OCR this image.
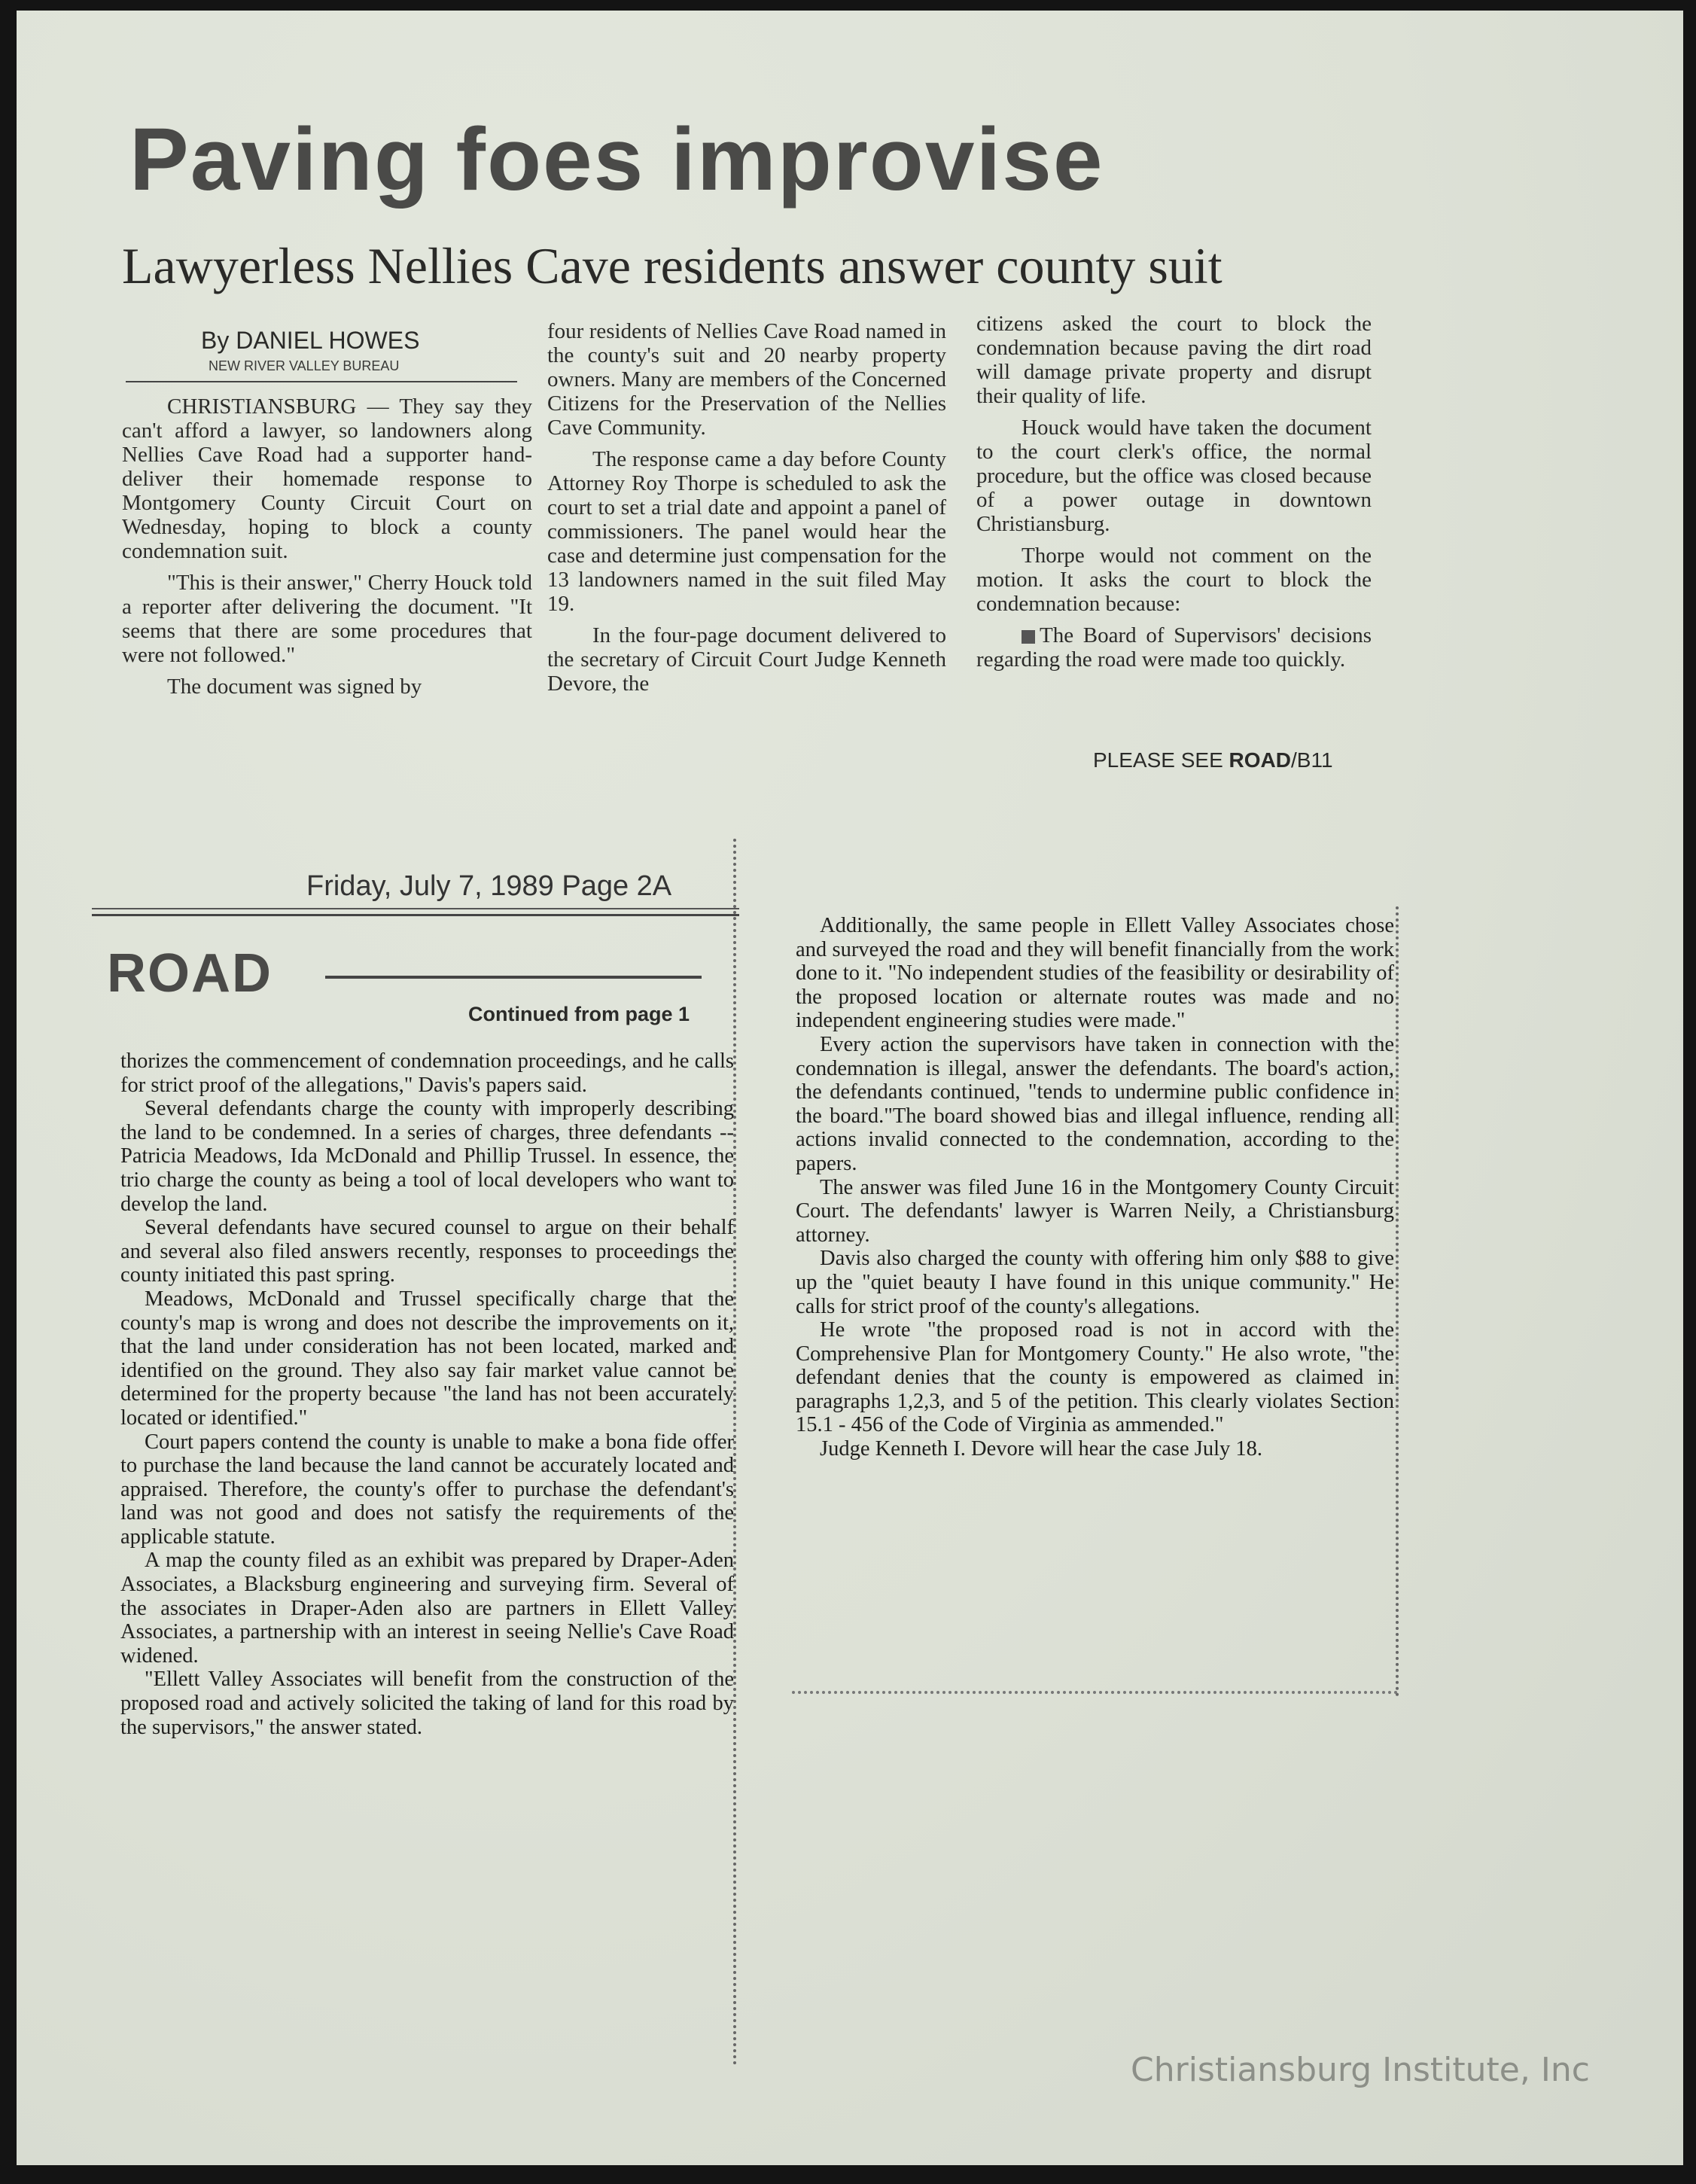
Paving foes improvise
Lawyerless Nellies Cave residents answer county suit
By DANIEL HOWES
NEW RIVER VALLEY BUREAU

CHRISTIANSBURG — They say they can't afford a lawyer, so landowners along Nellies Cave Road had a supporter hand-deliver their homemade response to Montgomery County Circuit Court on Wednesday, hoping to block a county condemnation suit.

"This is their answer," Cherry Houck told a reporter after delivering the document. "It seems that there are some procedures that were not followed."

The document was signed by

four residents of Nellies Cave Road named in the county's suit and 20 nearby property owners. Many are members of the Concerned Citizens for the Preservation of the Nellies Cave Community.

The response came a day before County Attorney Roy Thorpe is scheduled to ask the court to set a trial date and appoint a panel of commissioners. The panel would hear the case and determine just compensation for the 13 landowners named in the suit filed May 19.

In the four-page document delivered to the secretary of Circuit Court Judge Kenneth Devore, the

citizens asked the court to block the condemnation because paving the dirt road will damage private property and disrupt their quality of life.

Houck would have taken the document to the court clerk's office, the normal procedure, but the office was closed because of a power outage in downtown Christiansburg.

Thorpe would not comment on the motion. It asks the court to block the condemnation because:

The Board of Supervisors' decisions regarding the road were made too quickly.

PLEASE SEE ROAD/B11
Friday, July 7, 1989 Page 2A
ROAD
Continued from page 1

thorizes the commencement of condemnation proceedings, and he calls for strict proof of the allegations," Davis's papers said.

Several defendants charge the county with improperly describing the land to be condemned. In a series of charges, three defendants -- Patricia Meadows, Ida McDonald and Phillip Trussel. In essence, the trio charge the county as being a tool of local developers who want to develop the land.

Several defendants have secured counsel to argue on their behalf and several also filed answers recently, responses to proceedings the county initiated this past spring.

Meadows, McDonald and Trussel specifically charge that the county's map is wrong and does not describe the improvements on it, that the land under consideration has not been located, marked and identified on the ground. They also say fair market value cannot be determined for the property because "the land has not been accurately located or identified."

Court papers contend the county is unable to make a bona fide offer to purchase the land because the land cannot be accurately located and appraised. Therefore, the county's offer to purchase the defendant's land was not good and does not satisfy the requirements of the applicable statute.

A map the county filed as an exhibit was prepared by Draper-Aden Associates, a Blacksburg engineering and surveying firm. Several of the associates in Draper-Aden also are partners in Ellett Valley Associates, a partnership with an interest in seeing Nellie's Cave Road widened.

"Ellett Valley Associates will benefit from the construction of the proposed road and actively solicited the taking of land for this road by the supervisors," the answer stated.

Additionally, the same people in Ellett Valley Associates chose and surveyed the road and they will benefit financially from the work done to it. "No independent studies of the feasibility or desirability of the proposed location or alternate routes was made and no independent engineering studies were made."

Every action the supervisors have taken in connection with the condemnation is illegal, answer the defendants. The board's action, the defendants continued, "tends to undermine public confidence in the board."The board showed bias and illegal influence, rending all actions invalid connected to the condemnation, according to the papers.

The answer was filed June 16 in the Montgomery County Circuit Court. The defendants' lawyer is Warren Neily, a Christiansburg attorney.

Davis also charged the county with offering him only $88 to give up the "quiet beauty I have found in this unique community." He calls for strict proof of the county's allegations.

He wrote "the proposed road is not in accord with the Comprehensive Plan for Montgomery County." He also wrote, "the defendant denies that the county is empowered as claimed in paragraphs 1,2,3, and 5 of the petition. This clearly violates Section 15.1 - 456 of the Code of Virginia as ammended."

Judge Kenneth I. Devore will hear the case July 18.

Christiansburg Institute, Inc
